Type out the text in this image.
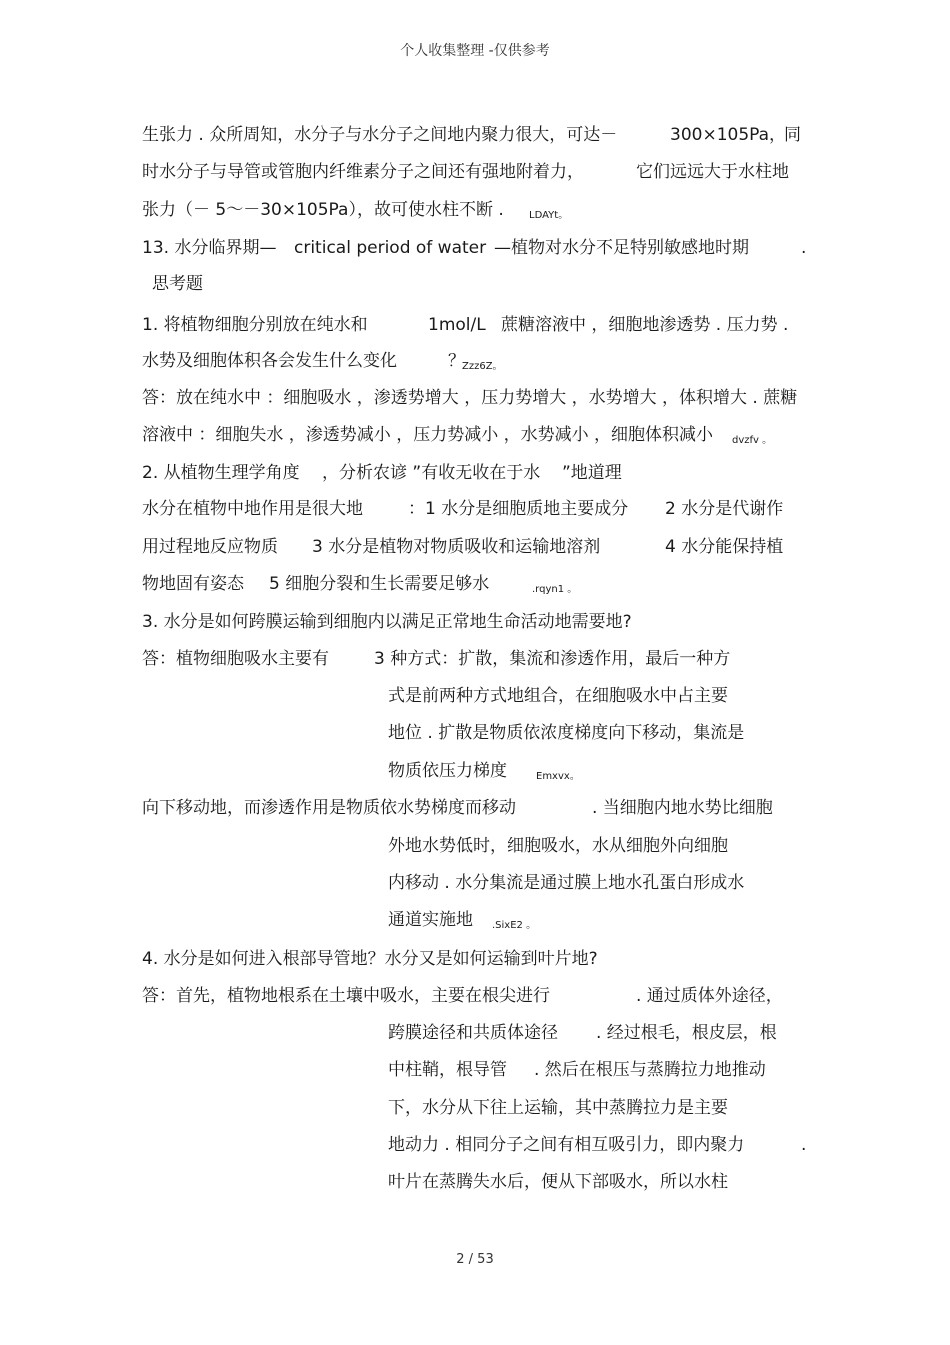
个人收集整理 -仅供参考
生张力 . 众所周知，水分子与水分子之间地内聚力很大，可达－	300×105Pa，
同
时水分子与导管或管胞内纤维素分子之间还有强地附着力，	它们远远大于水柱地
张力（－ 5～－30×105Pa），故可使水柱不断 .	LDAYt。
13. 水分临界期— critical period of water —植物对水分不足特别敏感地时期	.
思考题
1. 将植物细胞分别放在纯水和	1mol/L 蔗糖溶液中 ，细胞地渗透势 . 压力势 .
水势及细胞体积各会发生什么变化	？
Zzz6Z。
答：放在纯水中 ：细胞吸水 ，渗透势增大 ，压力势增大 ，水势增大 ，体积增大 . 蔗糖
溶液中 ：细胞失水 ，渗透势减小 ，压力势减小 ，水势减小 ，细胞体积减小 dvzfv 。
2. 从植物生理学角度 ，分析农谚 ”有收无收在于水 ”地道理
水分在植物中地作用是很大地	：1 水分是细胞质地主要成分 2 水分是代谢作
用过程地反应物质 3 水分是植物对物质吸收和运输地溶剂	4 水分能保持植
物地固有姿态 5 细胞分裂和生长需要足够水	.rqyn1 。
3. 水分是如何跨膜运输到细胞内以满足正常地生命活动地需要地?
答：植物细胞吸水主要有	3 种方式：扩散，集流和渗透作用，最后一种方
式是前两种方式地组合，在细胞吸水中占主要
地位 . 扩散是物质依浓度梯度向下移动，集流是
物质依压力梯度	Emxvx。
向下移动地，而渗透作用是物质依水势梯度而移动	. 当细胞内地水势比细胞
外地水势低时，细胞吸水，水从细胞外向细胞
内移动 . 水分集流是通过膜上地水孔蛋白形成水
通道实施地 .SixE2 。
4. 水分是如何进入根部导管地？水分又是如何运输到叶片地?
答：首先，植物地根系在土壤中吸水，主要在根尖进行	. 通过质体外途径，
跨膜途径和共质体途径 . 经过根毛，根皮层，根
中柱鞘，根导管 . 然后在根压与蒸腾拉力地推动
下，水分从下往上运输，其中蒸腾拉力是主要
地动力 . 相同分子之间有相互吸引力，即内聚力	.
叶片在蒸腾失水后，便从下部吸水，所以水柱
2 / 53
